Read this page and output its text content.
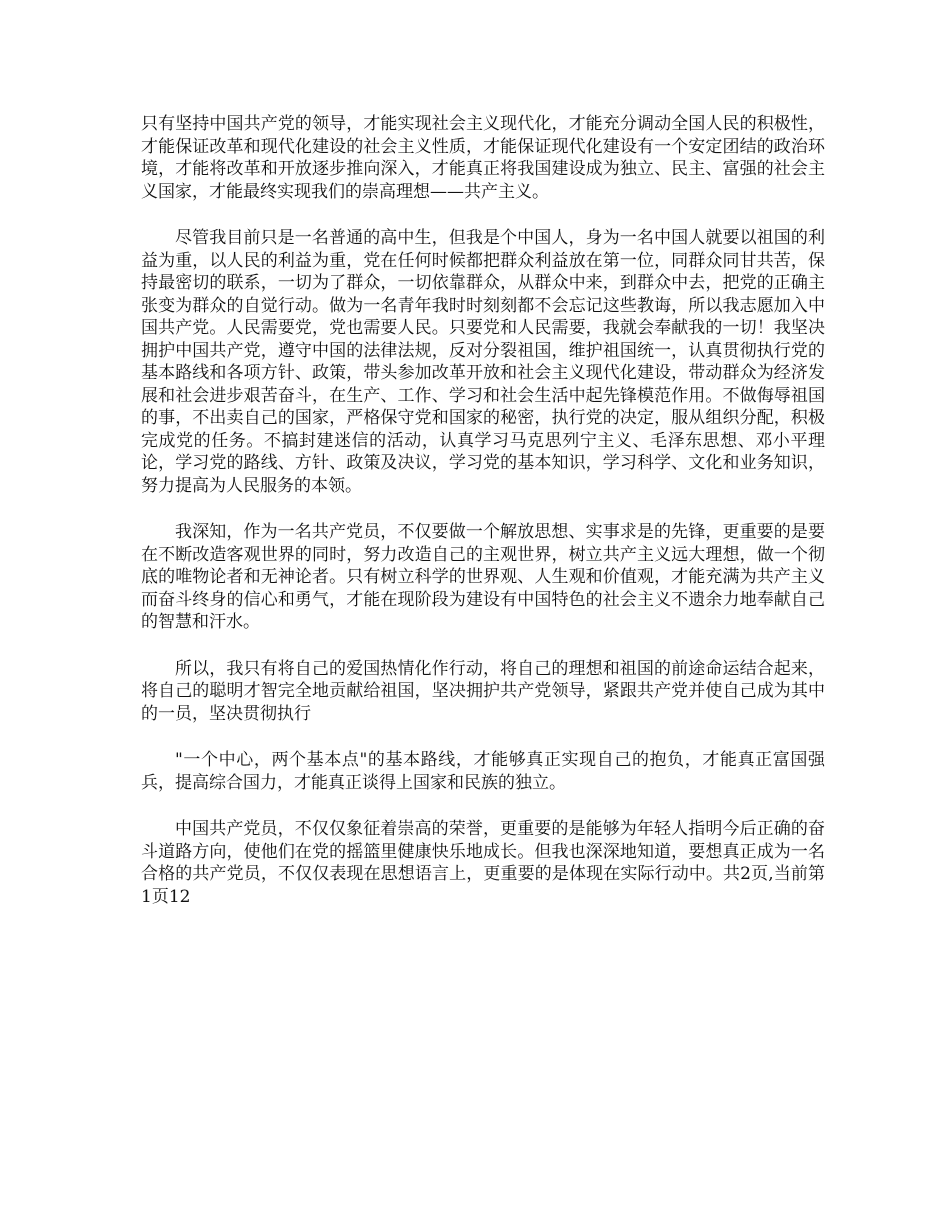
只有坚持中国共产党的领导，才能实现社会主义现代化，才能充分调动全国人民的积极性，才能保证改革和现代化建设的社会主义性质，才能保证现代化建设有一个安定团结的政治环境，才能将改革和开放逐步推向深入，才能真正将我国建设成为独立、民主、富强的社会主义国家，才能最终实现我们的崇高理想——共产主义。

尽管我目前只是一名普通的高中生，但我是个中国人，身为一名中国人就要以祖国的利益为重，以人民的利益为重，党在任何时候都把群众利益放在第一位，同群众同甘共苦，保持最密切的联系，一切为了群众，一切依靠群众，从群众中来，到群众中去，把党的正确主张变为群众的自觉行动。做为一名青年我时时刻刻都不会忘记这些教诲，所以我志愿加入中国共产党。人民需要党，党也需要人民。只要党和人民需要，我就会奉献我的一切！我坚决拥护中国共产党，遵守中国的法律法规，反对分裂祖国，维护祖国统一，认真贯彻执行党的基本路线和各项方针、政策，带头参加改革开放和社会主义现代化建设，带动群众为经济发展和社会进步艰苦奋斗，在生产、工作、学习和社会生活中起先锋模范作用。不做侮辱祖国的事，不出卖自己的国家，严格保守党和国家的秘密，执行党的决定，服从组织分配，积极完成党的任务。不搞封建迷信的活动，认真学习马克思列宁主义、毛泽东思想、邓小平理论，学习党的路线、方针、政策及决议，学习党的基本知识，学习科学、文化和业务知识，努力提高为人民服务的本领。

我深知，作为一名共产党员，不仅要做一个解放思想、实事求是的先锋，更重要的是要在不断改造客观世界的同时，努力改造自己的主观世界，树立共产主义远大理想，做一个彻底的唯物论者和无神论者。只有树立科学的世界观、人生观和价值观，才能充满为共产主义而奋斗终身的信心和勇气，才能在现阶段为建设有中国特色的社会主义不遗余力地奉献自己的智慧和汗水。

所以，我只有将自己的爱国热情化作行动，将自己的理想和祖国的前途命运结合起来，将自己的聪明才智完全地贡献给祖国，坚决拥护共产党领导，紧跟共产党并使自己成为其中的一员，坚决贯彻执行

"一个中心，两个基本点"的基本路线，才能够真正实现自己的抱负，才能真正富国强兵，提高综合国力，才能真正谈得上国家和民族的独立。

中国共产党员，不仅仅象征着崇高的荣誉，更重要的是能够为年轻人指明今后正确的奋斗道路方向，使他们在党的摇篮里健康快乐地成长。但我也深深地知道，要想真正成为一名合格的共产党员，不仅仅表现在思想语言上，更重要的是体现在实际行动中。共2页,当前第1页12
